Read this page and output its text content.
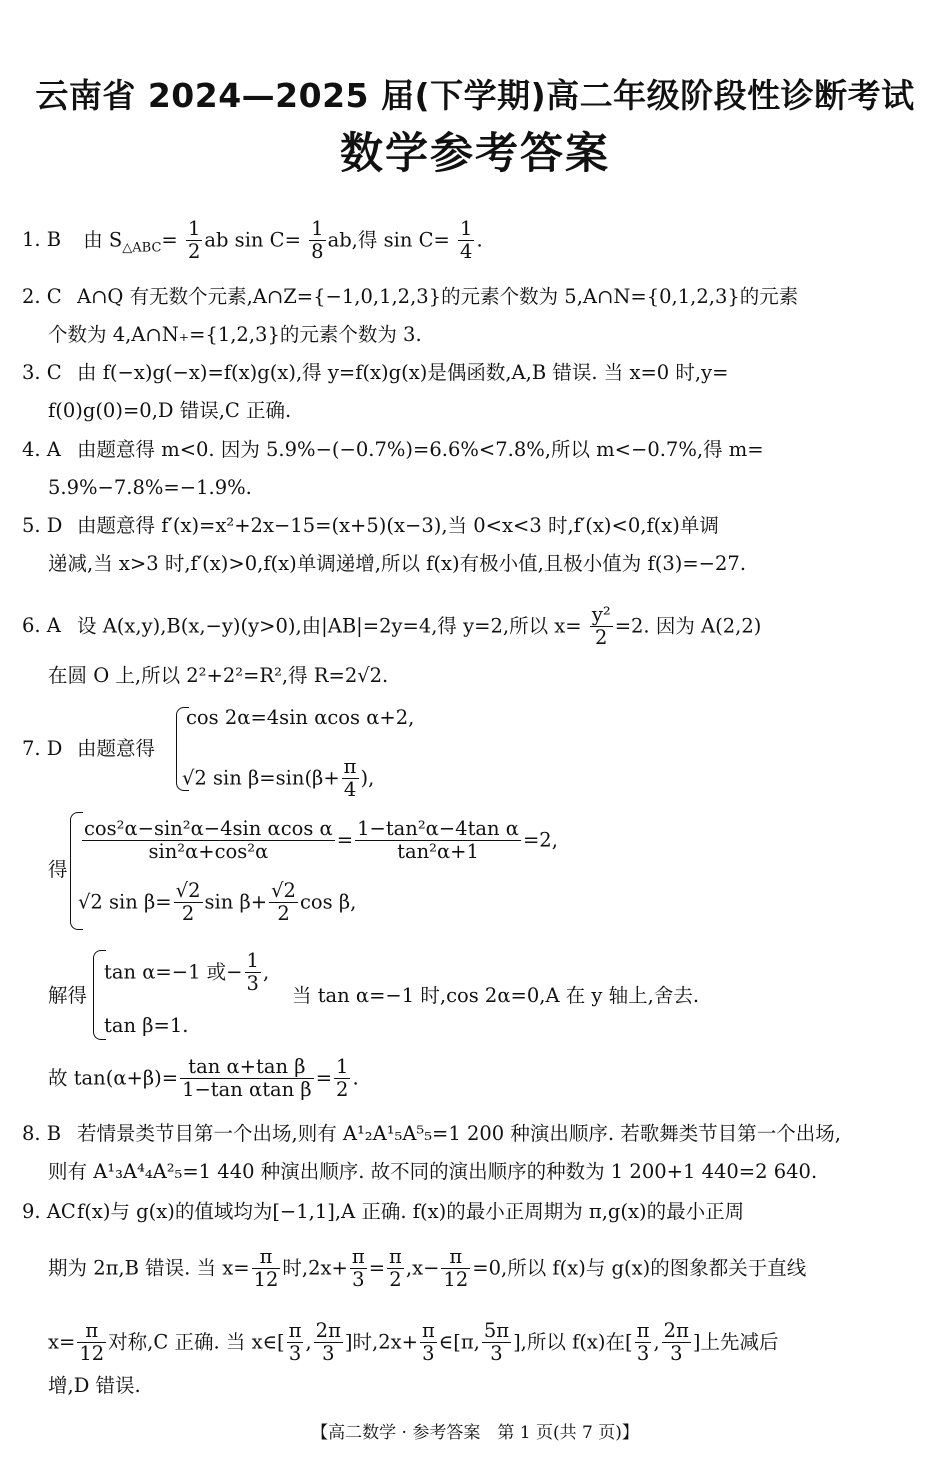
云南省 2024—2025 届(下学期)高二年级阶段性诊断考试
数学参考答案
1. B 由 $S_{\triangle ABC}= \frac{1}{2}$ ab $\sin C= \frac{1}{8}$ ab,得 $\sin C= \frac{1}{4}$ .
2. C A∩Q 有无数个元素,A∩Z={−1,0,1,2,3}的元素个数为 5,A∩N={0,1,2,3}的元素
个数为 4,A∩N₊={1,2,3}的元素个数为 3.
3. C 由 f(−x)g(−x)=f(x)g(x),得 y=f(x)g(x)是偶函数,A,B 错误. 当 x=0 时,y=
f(0)g(0)=0,D 错误,C 正确.
4. A 由题意得 m<0. 因为 5.9%−(−0.7%)=6.6%<7.8%,所以 m<−0.7%,得 m=
5.9%−7.8%=−1.9%.
5. D 由题意得 f′(x)=x²+2x−15=(x+5)(x−3),当 0<x<3 时,f′(x)<0,f(x)单调
递减,当 x>3 时,f′(x)>0,f(x)单调递增,所以 f(x)有极小值,且极小值为 f(3)=−27.
6. A 设 A(x,y),B(x,−y)(y>0),由|AB|=2y=4,得 y=2,所以 $x= \frac{\text{y²}}{2} =2$. 因为 A(2,2)
在圆 O 上,所以 2²+2²=R²,得 R=2√2.
7. D 由题意得
cos 2α=4sin αcos α+2,
√2 $\sin \beta=\sin(\beta+ \frac{\pi}{4}$ ),
得
$\frac{\text{cos²α−sin²α−4sin αcos α}}{\text{sin²α+cos²α}} = \frac{\text{1−tan²α−4tan α}}{\text{tan²α+1}} =2$,
√2 $\sin \beta= \frac{√2}{2}$ $\sin \beta+ \frac{√2}{2}$ cos β,
解得
tan α=−1 或− $\frac{1}{3}$ ,
当 tan α=−1 时,cos 2α=0,A 在 y 轴上,舍去.
tan β=1.
故 $\tan(\alpha+\beta)= \frac{\text{tan α+tan β}}{\text{1−tan αtan β}} = \frac{1}{2}$ .
8. B 若情景类节目第一个出场,则有 A¹₂A¹₅A⁵₅=1 200 种演出顺序. 若歌舞类节目第一个出场,
则有 A¹₃A⁴₄A²₅=1 440 种演出顺序. 故不同的演出顺序的种数为 1 200+1 440=2 640.
9. ACf(x)与 g(x)的值域均为[−1,1],A 正确. f(x)的最小正周期为 π,g(x)的最小正周
期为 2π,B 错误. 当 $x= \frac{\pi}{12}$ 时$,2x+ \frac{\pi}{3} = \frac{\pi}{2} ,x- \frac{\pi}{12} =0$,所以 f(x)与 g(x)的图象都关于直线
$x= \frac{\pi}{12}$ 对称,C 正确. 当 x∈[ $\frac{\pi}{3}$ , $\frac{2\pi}{3}$ ]时$,2x+ \frac{\pi}{3}$ ∈[π, $\frac{5\pi}{3}$ ],所以 f(x)在[ $\frac{\pi}{3}$ , $\frac{2\pi}{3}$ ]上先减后
增,D 错误.
【高二数学 · 参考答案　第 1 页(共 7 页)】
